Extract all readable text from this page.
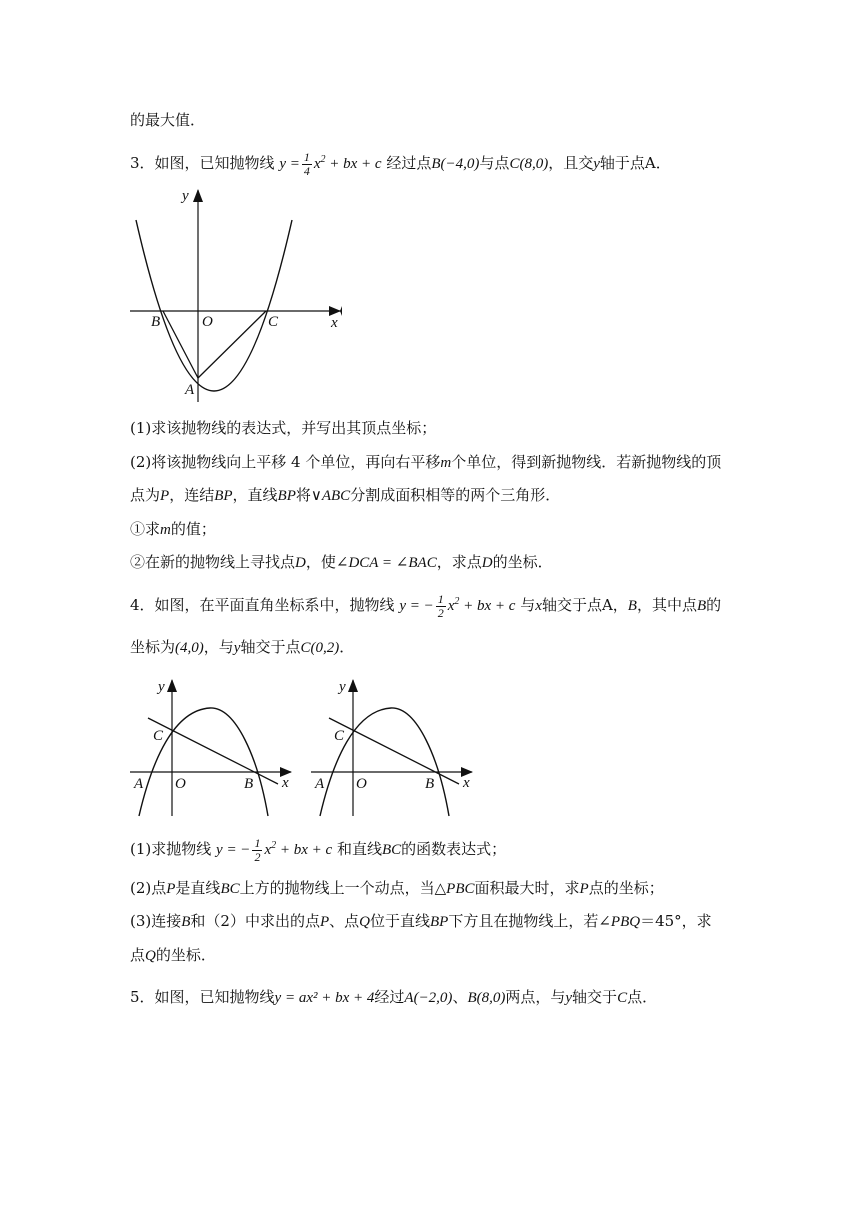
的最大值．
3．如图，已知抛物线 $y = \frac{1}{4} x^2$ + bx + c 经过点B(−4,0)与点C(8,0)，且交y轴于点A．
y
x
O
B	C
A
(1)求该抛物线的表达式，并写出其顶点坐标；
(2)将该抛物线向上平移 4 个单位，再向右平移m个单位，得到新抛物线．若新抛物线的顶
点为P，连结BP，直线BP将∨ABC分割成面积相等的两个三角形．
①求m的值；
②在新的抛物线上寻找点D，使∠DCA = ∠BAC，求点D的坐标．
4．如图，在平面直角坐标系中，抛物线 y = − $\frac{1}{2} x^2$ + bx + c 与x轴交于点A，B，其中点B的
坐标为(4,0)，与y轴交于点C(0,2)．
y
x
O
A	B
C
y
x
O
A	B
C
(1)求抛物线 y = − $\frac{1}{2} x^2$ + bx + c 和直线BC的函数表达式；
(2)点P是直线BC上方的抛物线上一个动点，当△PBC面积最大时，求P点的坐标；
(3)连接B和（2）中求出的点P、点Q位于直线BP下方且在抛物线上，若∠PBQ＝45°，求
点Q的坐标．
5．如图，已知抛物线y = ax² + bx + 4经过A(−2,0)、B(8,0)两点，与y轴交于C点．
